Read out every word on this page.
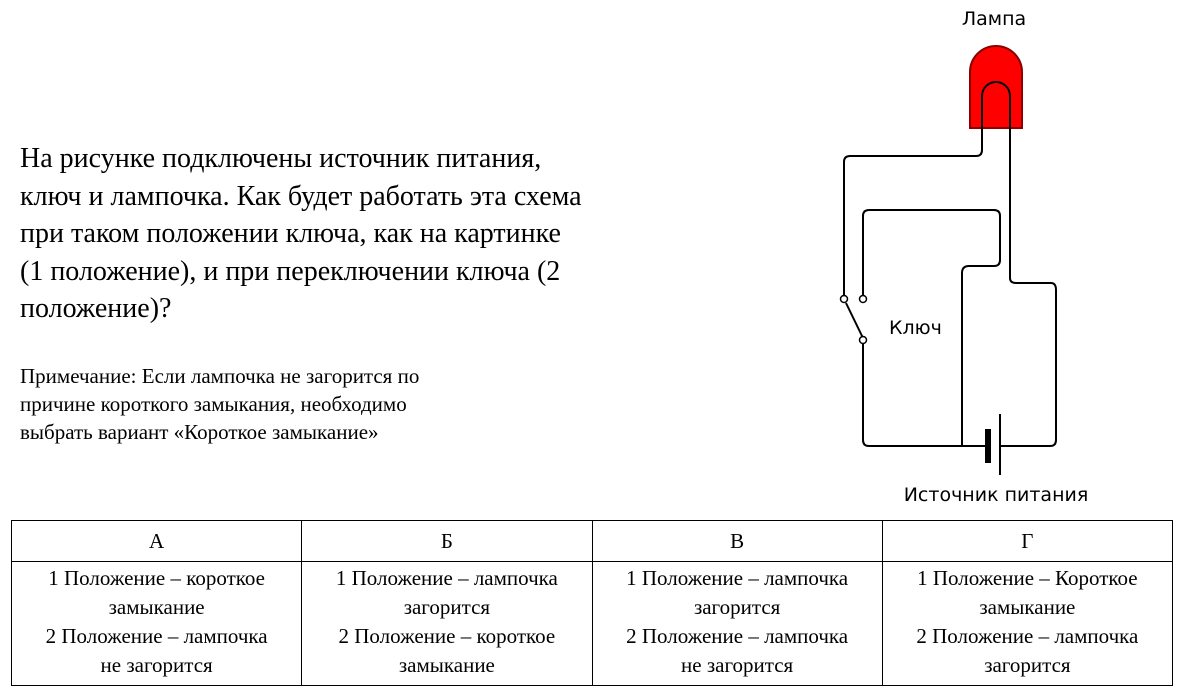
На рисунке подключены источник питания,
ключ и лампочка. Как будет работать эта схема
при таком положении ключа, как на картинке
(1 положение), и при переключении ключа (2
положение)?

Примечание: Если лампочка не загорится по
причине короткого замыкания, необходимо
выбрать вариант «Короткое замыкание»

Лампа
Ключ
Источник питания
А	Б	В	Г

1 Положение – короткое
замыкание
2 Положение – лампочка
не загорится	1 Положение – лампочка
загорится
2 Положение – короткое
замыкание	1 Положение – лампочка
загорится
2 Положение – лампочка
не загорится	1 Положение – Короткое
замыкание
2 Положение – лампочка
загорится
